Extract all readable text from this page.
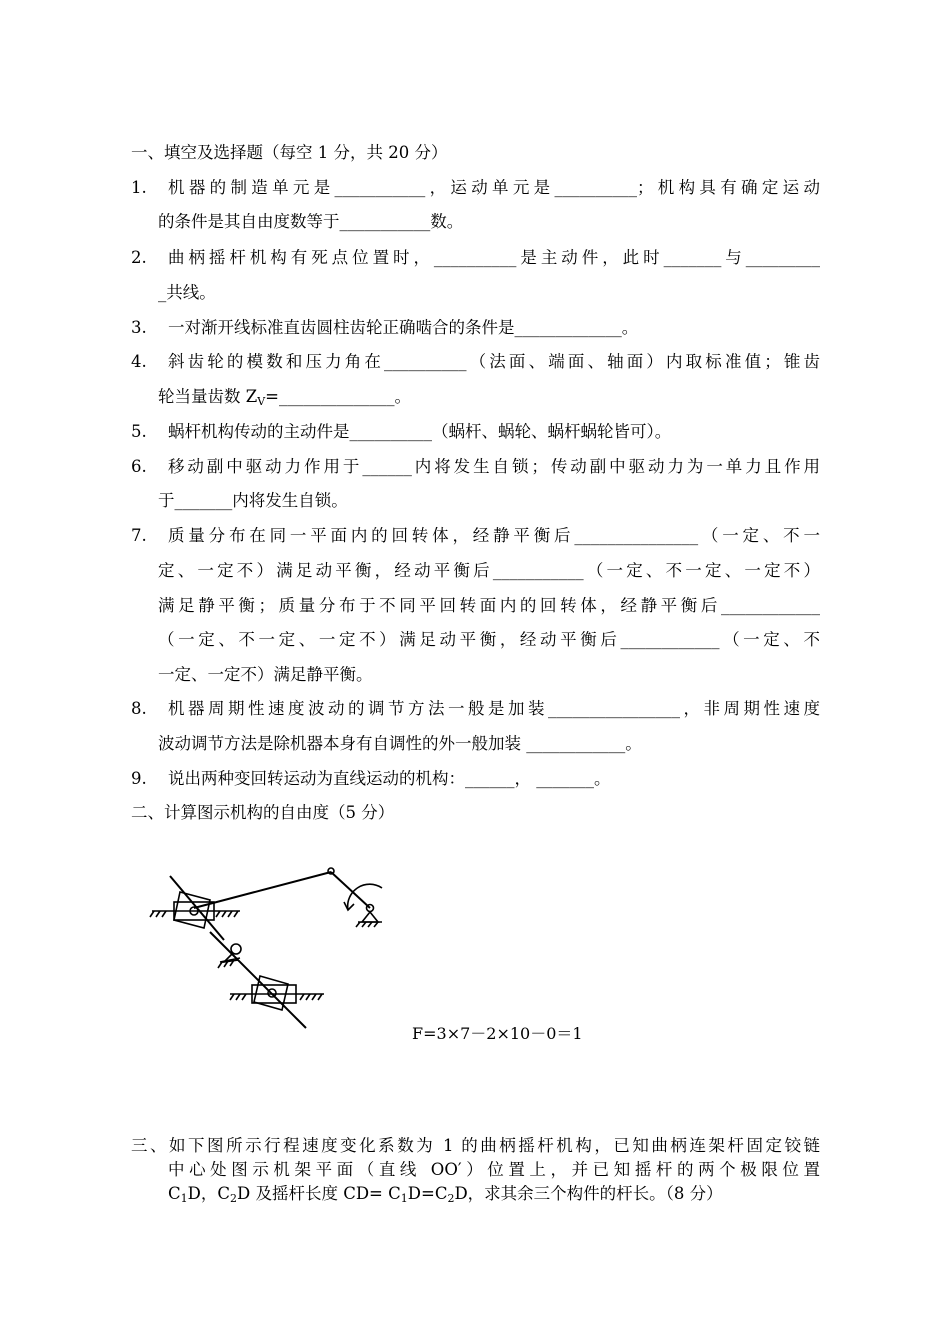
一、填空及选择题（每空 1 分，共 20 分）
1. 机器的制造单元是___________，运动单元是__________；机构具有确定运动
的条件是其自由度数等于___________数。
2. 曲柄摇杆机构有死点位置时，__________是主动件，此时_______与_________
_共线。
3. 一对渐开线标准直齿圆柱齿轮正确啮合的条件是_____________。
4. 斜齿轮的模数和压力角在__________（法面、端面、轴面）内取标准值；锥齿
轮当量齿数 $Z_V=\_\_\_\_\_\_\_\_\_\_\_\_\_\_$。
5. 蜗杆机构传动的主动件是__________（蜗杆、蜗轮、蜗杆蜗轮皆可）。
6. 移动副中驱动力作用于______内将发生自锁；传动副中驱动力为一单力且作用
于_______内将发生自锁。
7. 质量分布在同一平面内的回转体，经静平衡后_______________（一定、不一
定、一定不）满足动平衡，经动平衡后___________（一定、不一定、一定不）
满足静平衡；质量分布于不同平回转面内的回转体，经静平衡后____________
（一定、不一定、一定不）满足动平衡，经动平衡后____________（一定、不
一定、一定不）满足静平衡。
8. 机器周期性速度波动的调节方法一般是加装________________，非周期性速度
波动调节方法是除机器本身有自调性的外一般加装 ____________。
9. 说出两种变回转运动为直线运动的机构：______， _______。
二、计算图示机构的自由度（5 分）
F=3×7－2×10－0＝1
三、如下图所示行程速度变化系数为 1 的曲柄摇杆机构，已知曲柄连架杆固定铰链
中心处图示机架平面（直线 OO′）位置上，并已知摇杆的两个极限位置
$C_1D$，$C_2D$ 及摇杆长度 $CD= C_1D=C_2D$，求其余三个构件的杆长。（8 分）
